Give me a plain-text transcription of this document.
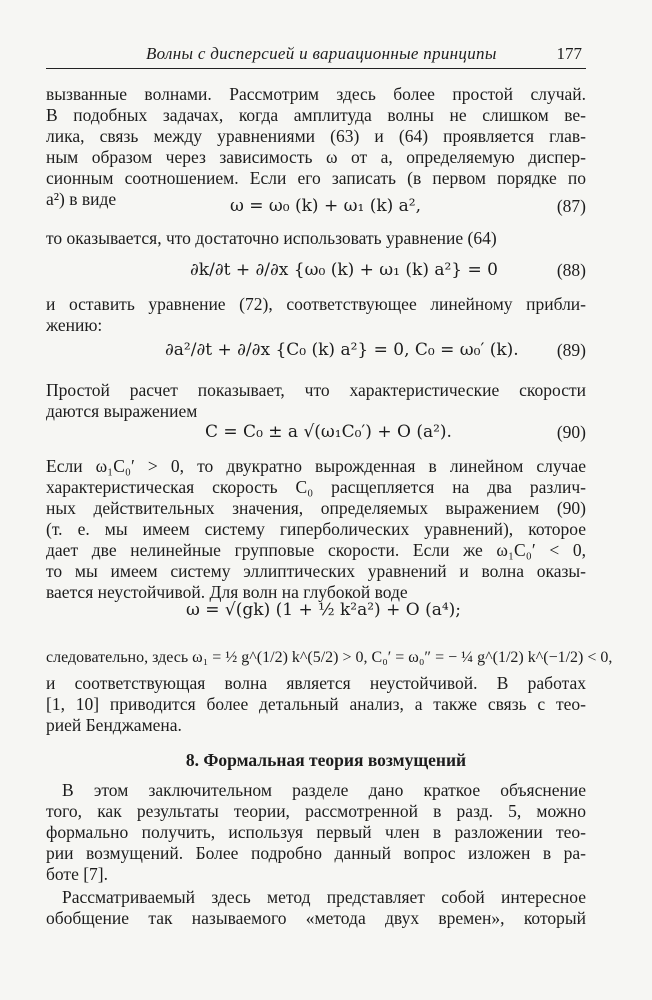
Волны с дисперсией и вариационные принципы	177
вызванные волнами. Рассмотрим здесь более простой случай.
В подобных задачах, когда амплитуда волны не слишком ве-
лика, связь между уравнениями (63) и (64) проявляется глав-
ным образом через зависимость ω от a, определяемую диспер-
сионным соотношением. Если его записать (в первом порядке по
a²) в виде	ω = ω₀ (k) + ω₁ (k) a²,	(87)
то оказывается, что достаточно использовать уравнение (64)
∂k/∂t + ∂/∂x {ω₀ (k) + ω₁ (k) a²} = 0	(88)
и оставить уравнение (72), соответствующее линейному прибли-
жению:
∂a²/∂t + ∂/∂x {C₀ (k) a²} = 0, C₀ = ω₀′ (k). (89)
Простой расчет показывает, что характеристические скорости
даются выражением
C = C₀ ± a √(ω₁C₀′) + O (a²).	(90)
Если ω₁C₀′ > 0, то двукратно вырожденная в линейном случае
характеристическая скорость C₀ расщепляется на два различ-
ных действительных значения, определяемых выражением (90)
(т. е. мы имеем систему гиперболических уравнений), которое
дает две нелинейные групповые скорости. Если же ω₁C₀′ < 0,
то мы имеем систему эллиптических уравнений и волна оказы-
вается неустойчивой. Для волн на глубокой воде
ω = √(gk) (1 + ½ k²a²) + O (a⁴);
следовательно, здесь ω₁ = ½ g^(1/2) k^(5/2) > 0, C₀′ = ω₀″ = − ¼ g^(1/2) k^(−1/2) < 0,
и соответствующая волна является неустойчивой. В работах
[1, 10] приводится более детальный анализ, а также связь с тео-
рией Бенджамена.
8. Формальная теория возмущений
В этом заключительном разделе дано краткое объяснение
того, как результаты теории, рассмотренной в разд. 5, можно
формально получить, используя первый член в разложении тео-
рии возмущений. Более подробно данный вопрос изложен в ра-
боте [7].
Рассматриваемый здесь метод представляет собой интересное
обобщение так называемого «метода двух времен», который
